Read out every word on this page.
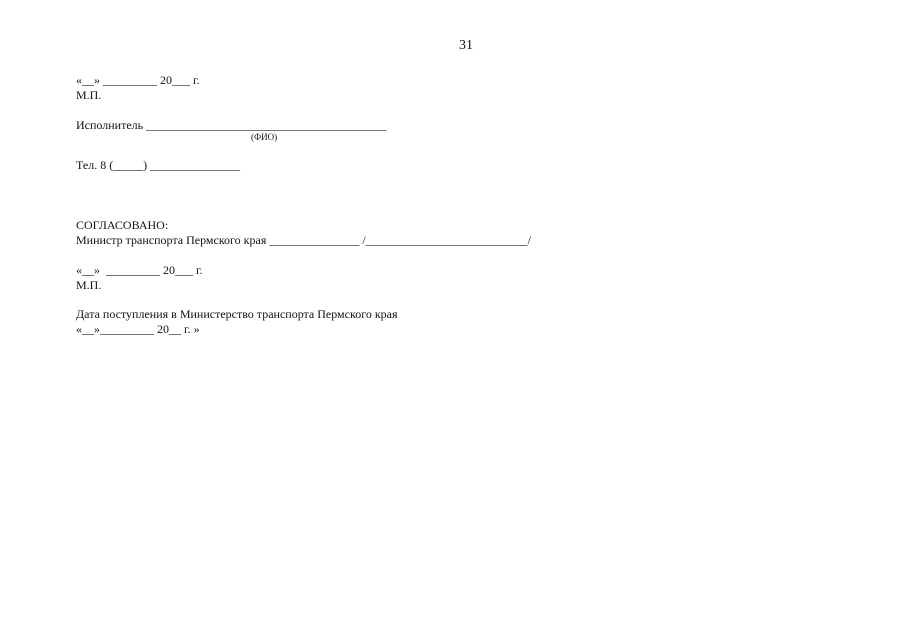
31
«__» _________ 20___ г.
М.П.
Исполнитель ________________________________________
(ФИО)
Тел. 8 (_____) _______________
СОГЛАСОВАНО:
Министр транспорта Пермского края _______________ /___________________________/
«__»  _________ 20___ г.
М.П.
Дата поступления в Министерство транспорта Пермского края
«__»_________ 20__ г. »
